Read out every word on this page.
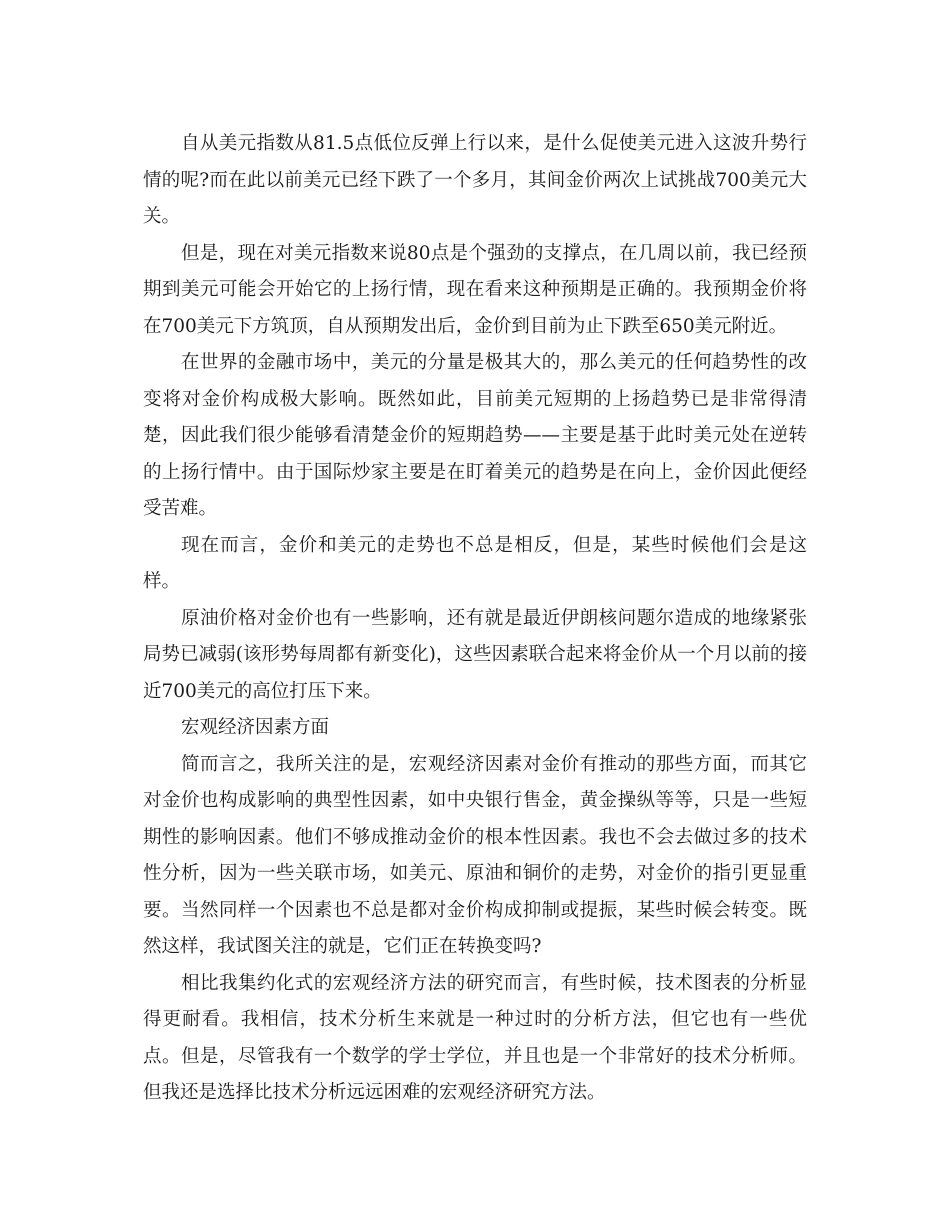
自从美元指数从81.5点低位反弹上行以来，是什么促使美元进入这波升势行情的呢?而在此以前美元已经下跌了一个多月，其间金价两次上试挑战700美元大关。

但是，现在对美元指数来说80点是个强劲的支撑点，在几周以前，我已经预期到美元可能会开始它的上扬行情，现在看来这种预期是正确的。我预期金价将在700美元下方筑顶，自从预期发出后，金价到目前为止下跌至650美元附近。

在世界的金融市场中，美元的分量是极其大的，那么美元的任何趋势性的改变将对金价构成极大影响。既然如此，目前美元短期的上扬趋势已是非常得清楚，因此我们很少能够看清楚金价的短期趋势——主要是基于此时美元处在逆转的上扬行情中。由于国际炒家主要是在盯着美元的趋势是在向上，金价因此便经受苦难。

现在而言，金价和美元的走势也不总是相反，但是，某些时候他们会是这样。

原油价格对金价也有一些影响，还有就是最近伊朗核问题尔造成的地缘紧张局势已减弱(该形势每周都有新变化)，这些因素联合起来将金价从一个月以前的接近700美元的高位打压下来。

宏观经济因素方面

简而言之，我所关注的是，宏观经济因素对金价有推动的那些方面，而其它对金价也构成影响的典型性因素，如中央银行售金，黄金操纵等等，只是一些短期性的影响因素。他们不够成推动金价的根本性因素。我也不会去做过多的技术性分析，因为一些关联市场，如美元、原油和铜价的走势，对金价的指引更显重要。当然同样一个因素也不总是都对金价构成抑制或提振，某些时候会转变。既然这样，我试图关注的就是，它们正在转换变吗?

相比我集约化式的宏观经济方法的研究而言，有些时候，技术图表的分析显得更耐看。我相信，技术分析生来就是一种过时的分析方法，但它也有一些优点。但是，尽管我有一个数学的学士学位，并且也是一个非常好的技术分析师。但我还是选择比技术分析远远困难的宏观经济研究方法。
